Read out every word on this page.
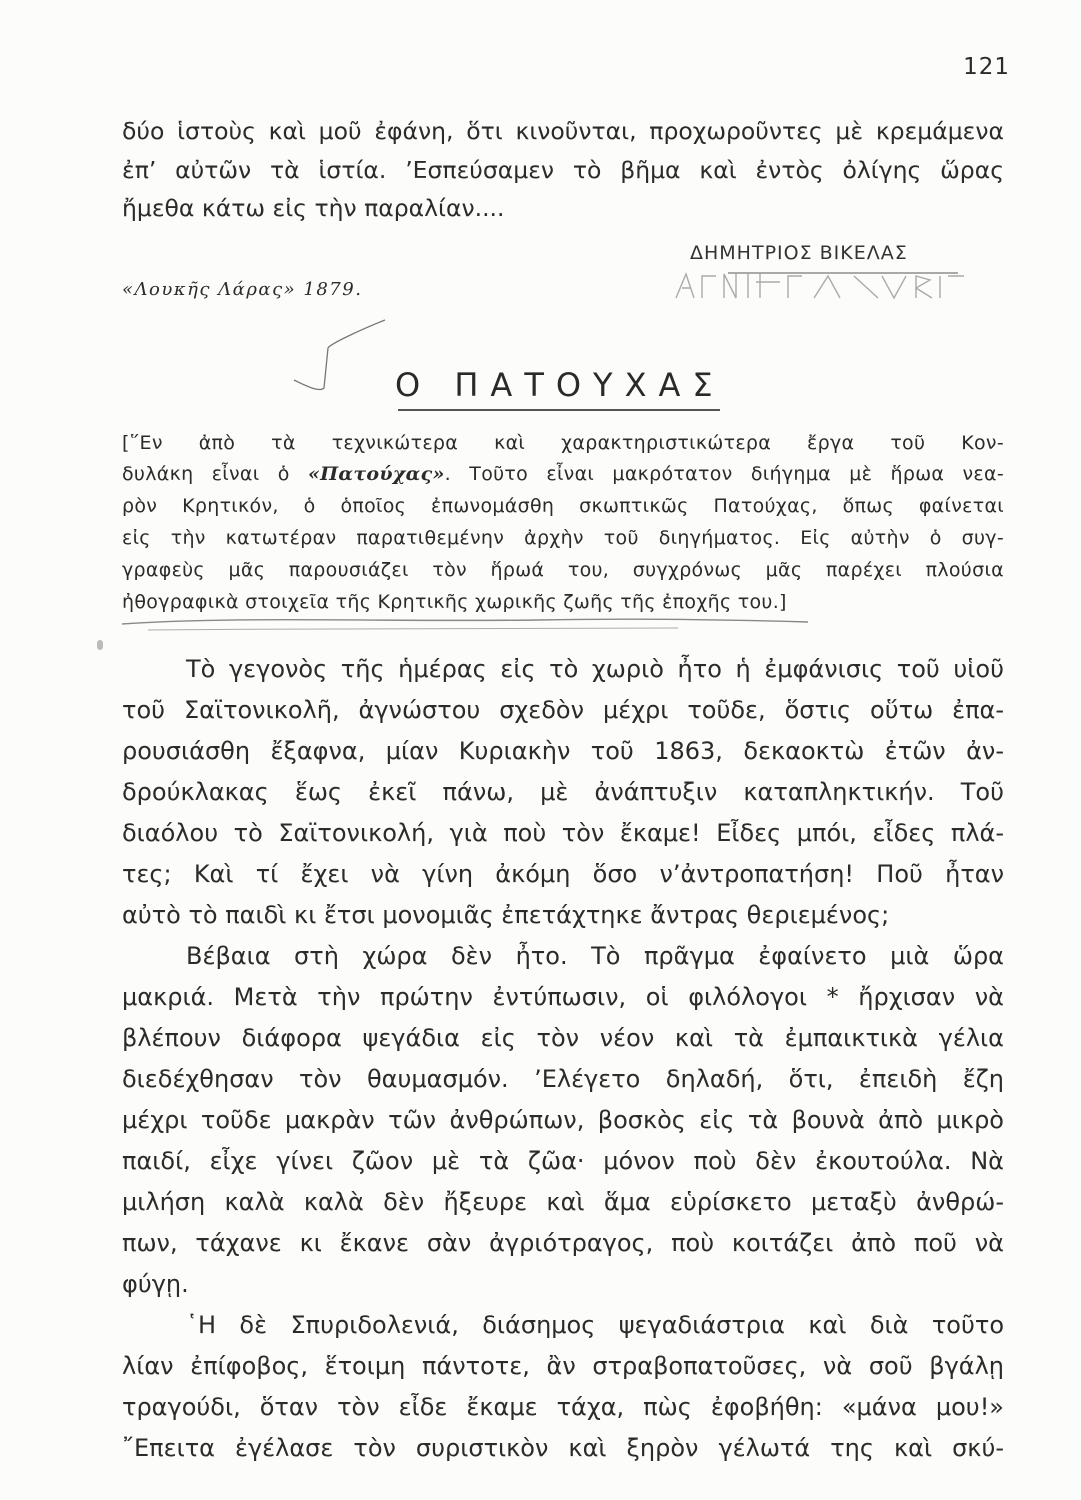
121
δύο ἱστοὺς καὶ μοῦ ἐφάνη, ὅτι κινοῦνται, προχωροῦντες μὲ κρεμάμενα
ἐπ’ αὐτῶν τὰ ἱστία. ’Εσπεύσαμεν τὸ βῆμα καὶ ἐντὸς ὀλίγης ὥρας
ἤμεθα κάτω εἰς τὴν παραλίαν....
ΔΗΜΗΤΡΙΟΣ ΒΙΚΕΛΑΣ
«Λουκῆς Λάρας» 1879.
Ο ΠΑΤΟΥΧΑΣ
[῞Εν ἀπὸ τὰ τεχνικώτερα καὶ χαρακτηριστικώτερα ἔργα τοῦ Κον-
δυλάκη εἶναι ὁ «Πατούχας». Τοῦτο εἶναι μακρότατον διήγημα μὲ ἥρωα νεα-
ρὸν Κρητικόν, ὁ ὁποῖος ἐπωνομάσθη σκωπτικῶς Πατούχας, ὅπως φαίνεται
εἰς τὴν κατωτέραν παρατιθεμένην ἀρχὴν τοῦ διηγήματος. Εἰς αὐτὴν ὁ συγ-
γραφεὺς μᾶς παρουσιάζει τὸν ἥρωά του, συγχρόνως μᾶς παρέχει πλούσια
ἠθογραφικὰ στοιχεῖα τῆς Κρητικῆς χωρικῆς ζωῆς τῆς ἐποχῆς του.]
Τὸ γεγονὸς τῆς ἡμέρας εἰς τὸ χωριὸ ἦτο ἡ ἐμφάνισις τοῦ υἱοῦ
τοῦ Σαϊτονικολῆ, ἀγνώστου σχεδὸν μέχρι τοῦδε, ὅστις οὕτω ἐπα-
ρουσιάσθη ἔξαφνα, μίαν Κυριακὴν τοῦ 1863, δεκαοκτὼ ἐτῶν ἀν-
δρούκλακας ἕως ἐκεῖ πάνω, μὲ ἀνάπτυξιν καταπληκτικήν. Τοῦ
διαόλου τὸ Σαϊτονικολή, γιὰ ποὺ τὸν ἔκαμε! Εἶδες μπόι, εἶδες πλά-
τες; Καὶ τί ἔχει νὰ γίνη ἀκόμη ὅσο ν’ἀντροπατήση! Ποῦ ἦταν
αὐτὸ τὸ παιδὶ κι ἔτσι μονομιᾶς ἐπετάχτηκε ἄντρας θεριεμένος;
Βέβαια στὴ χώρα δὲν ἦτο. Τὸ πρᾶγμα ἐφαίνετο μιὰ ὥρα
μακριά. Μετὰ τὴν πρώτην ἐντύπωσιν, οἱ φιλόλογοι * ἤρχισαν νὰ
βλέπουν διάφορα ψεγάδια εἰς τὸν νέον καὶ τὰ ἐμπαικτικὰ γέλια
διεδέχθησαν τὸν θαυμασμόν. ’Ελέγετο δηλαδή, ὅτι, ἐπειδὴ ἔζη
μέχρι τοῦδε μακρὰν τῶν ἀνθρώπων, βοσκὸς εἰς τὰ βουνὰ ἀπὸ μικρὸ
παιδί, εἶχε γίνει ζῶον μὲ τὰ ζῶα· μόνον ποὺ δὲν ἐκουτούλα. Νὰ
μιλήση καλὰ καλὰ δὲν ἤξευρε καὶ ἅμα εὑρίσκετο μεταξὺ ἀνθρώ-
πων, τάχανε κι ἔκανε σὰν ἀγριότραγος, ποὺ κοιτάζει ἀπὸ ποῦ νὰ
φύγῃ.
῾Η δὲ Σπυριδολενιά, διάσημος ψεγαδιάστρια καὶ διὰ τοῦτο
λίαν ἐπίφοβος, ἕτοιμη πάντοτε, ἂν στραβοπατοῦσες, νὰ σοῦ βγάλῃ
τραγούδι, ὅταν τὸν εἶδε ἔκαμε τάχα, πὼς ἐφοβήθη: «μάνα μου!»
῎Επειτα ἐγέλασε τὸν συριστικὸν καὶ ξηρὸν γέλωτά της καὶ σκύ-
